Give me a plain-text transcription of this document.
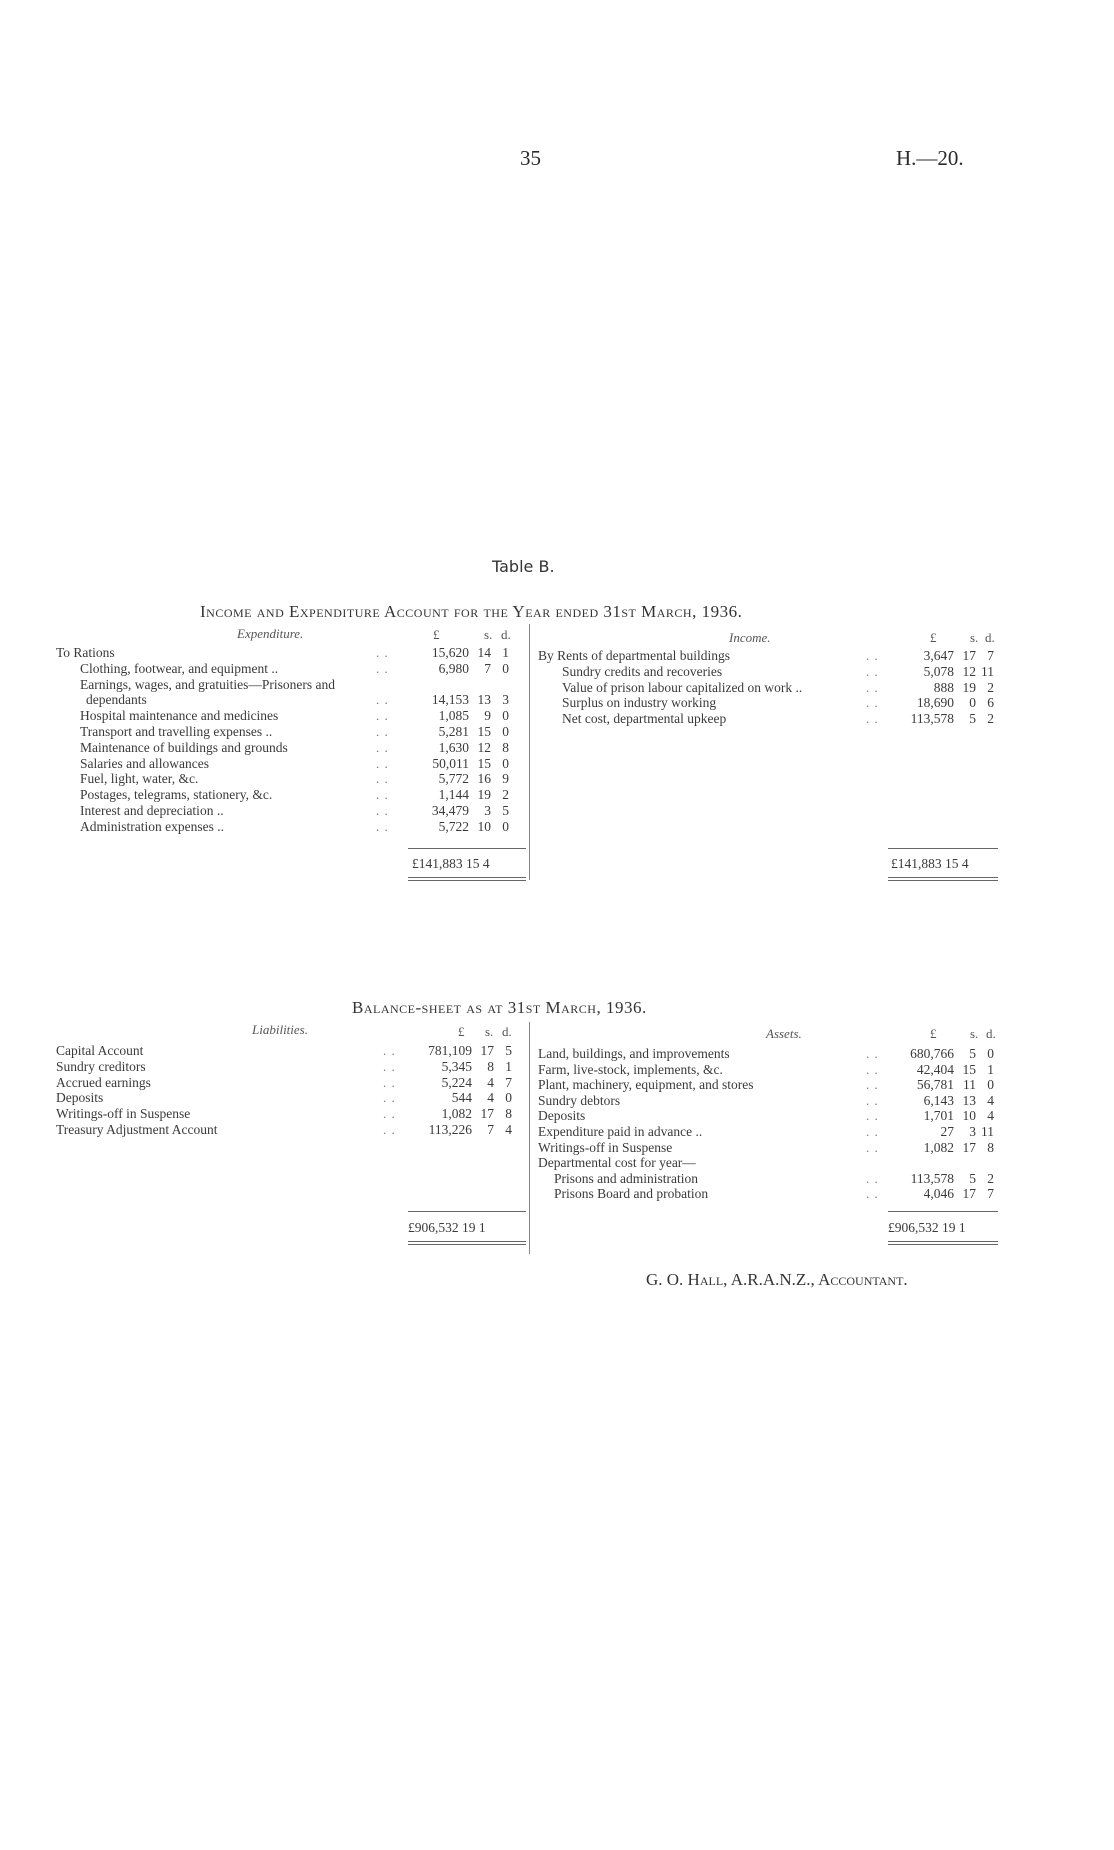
35	H.—20.
Table B.
Income and Expenditure Account for the Year ended 31st March, 1936.
Expenditure.	£	s. d.	Income.	£	s. d.
To Rations	. .	15,620 14 1
Clothing, footwear, and equipment ..	. .	6,980 7 0
Earnings, wages, and gratuities—Prisoners and
dependants	. .	14,153 13 3
Hospital maintenance and medicines	. .	1,085 9 0
Transport and travelling expenses ..	. .	5,281 15 0
Maintenance of buildings and grounds	. .	1,630 12 8
Salaries and allowances	. .	50,011 15 0
Fuel, light, water, &c.	. .	5,772 16 9
Postages, telegrams, stationery, &c.	. .	1,144 19 2
Interest and depreciation ..	. .	34,479 3 5
Administration expenses ..	. .	5,722 10 0
By Rents of departmental buildings	. .	3,647 17 7
Sundry credits and recoveries	. .	5,078 12 11
Value of prison labour capitalized on work ..	. .	888 19 2
Surplus on industry working	. .	18,690 0 6
Net cost, departmental upkeep	. .	113,578 5 2
£141,883 15 4	£141,883 15 4
Balance-sheet as at 31st March, 1936.
Liabilities.	£ s. d.	Assets.	£	s. d.
Capital Account	. .	781,109 17 5
Sundry creditors	. .	5,345 8 1
Accrued earnings	. .	5,224 4 7
Deposits	. .	544 4 0
Writings-off in Suspense	. .	1,082 17 8
Treasury Adjustment Account	. .	113,226 7 4
Land, buildings, and improvements	. .	680,766 5 0
Farm, live-stock, implements, &c.	. .	42,404 15 1
Plant, machinery, equipment, and stores	. .	56,781 11 0
Sundry debtors	. .	6,143 13 4
Deposits	. .	1,701 10 4
Expenditure paid in advance ..	. .	27 3 11
Writings-off in Suspense	. .	1,082 17 8
Departmental cost for year—
Prisons and administration	. .	113,578 5 2
Prisons Board and probation	. .	4,046 17 7
£906,532 19 1	£906,532 19 1
G. O. Hall, A.R.A.N.Z., Accountant.
